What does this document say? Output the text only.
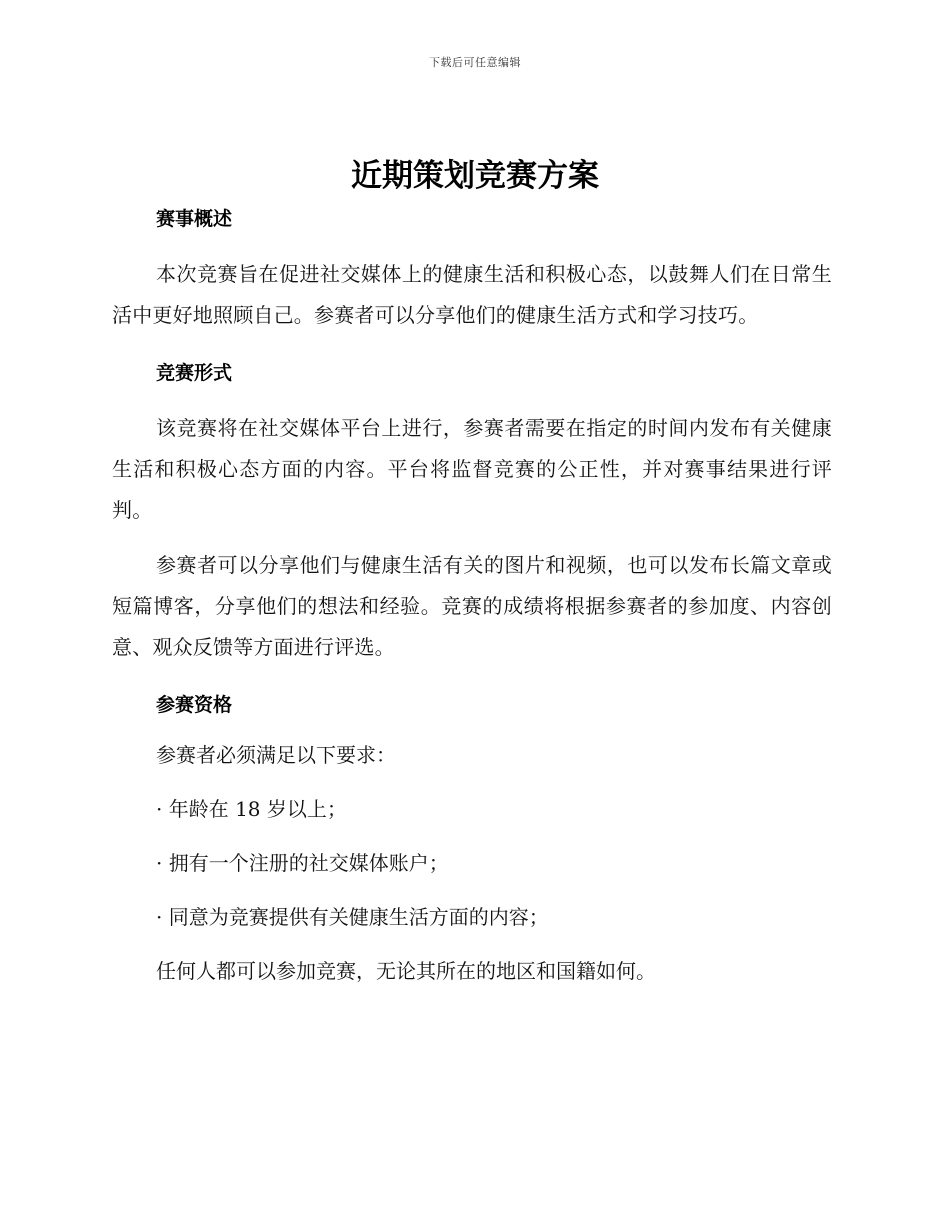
下载后可任意编辑
近期策划竞赛方案
赛事概述

本次竞赛旨在促进社交媒体上的健康生活和积极心态，以鼓舞人们在日常生活中更好地照顾自己。参赛者可以分享他们的健康生活方式和学习技巧。

竞赛形式

该竞赛将在社交媒体平台上进行，参赛者需要在指定的时间内发布有关健康生活和积极心态方面的内容。平台将监督竞赛的公正性，并对赛事结果进行评判。

参赛者可以分享他们与健康生活有关的图片和视频，也可以发布长篇文章或短篇博客，分享他们的想法和经验。竞赛的成绩将根据参赛者的参加度、内容创意、观众反馈等方面进行评选。

参赛资格

参赛者必须满足以下要求：

· 年龄在 18 岁以上；

· 拥有一个注册的社交媒体账户；

· 同意为竞赛提供有关健康生活方面的内容；

任何人都可以参加竞赛，无论其所在的地区和国籍如何。
